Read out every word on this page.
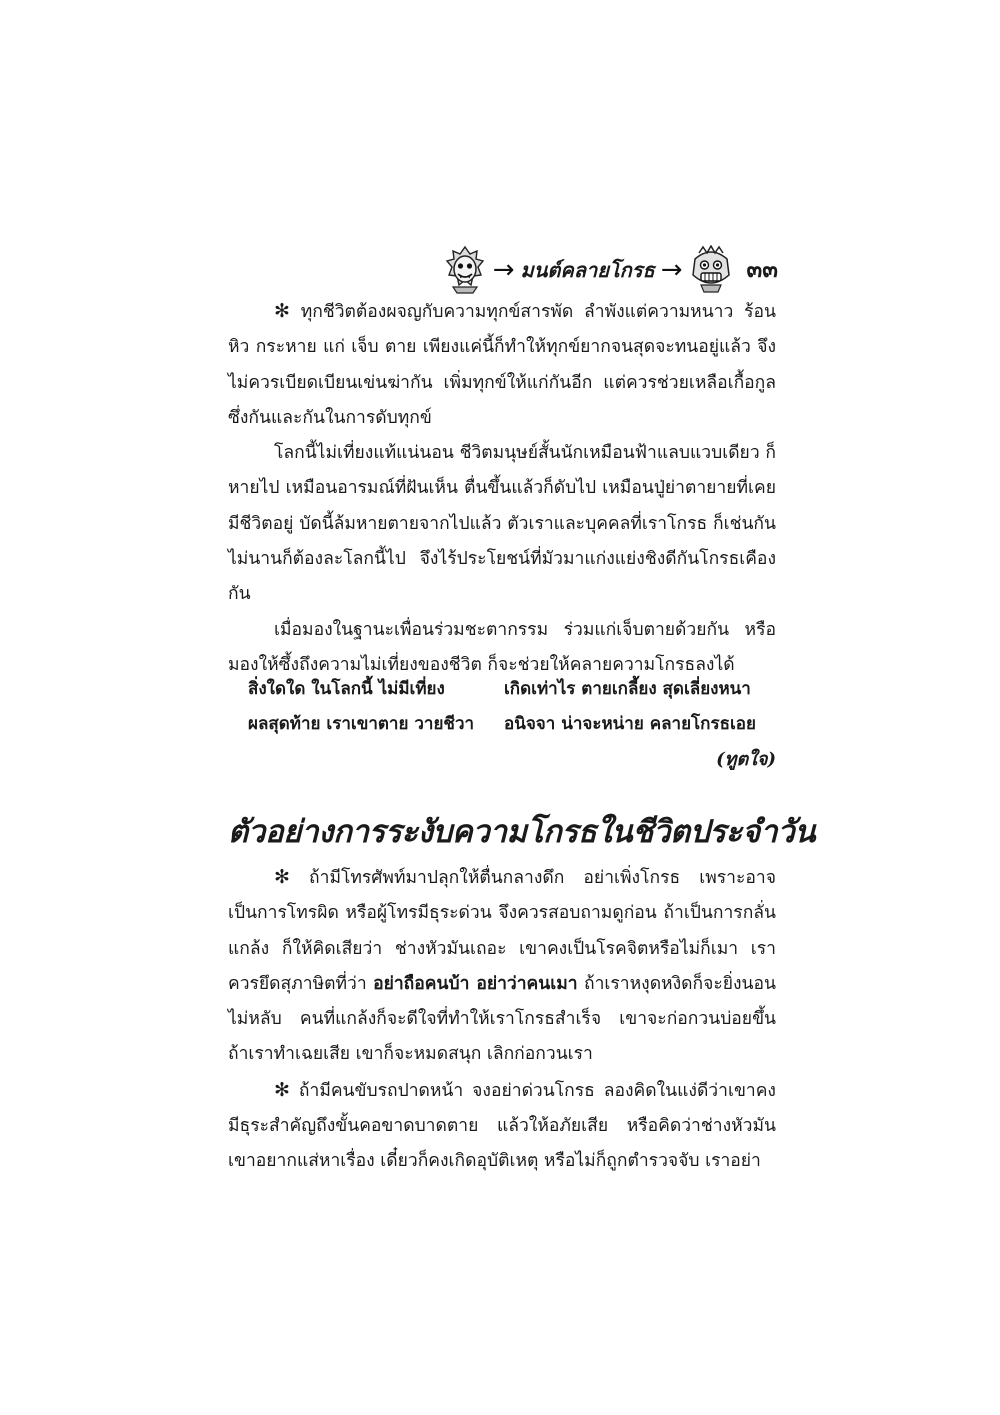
→ มนต์คลายโกรธ →	๓๓

✻ ทุกชีวิตต้องผจญกับความทุกข์สารพัด ลำพังแต่ความหนาว ร้อน หิว กระหาย แก่ เจ็บ ตาย เพียงแค่นี้ก็ทำให้ทุกข์ยากจนสุดจะทนอยู่แล้ว จึงไม่ควรเบียดเบียนเข่นฆ่ากัน เพิ่มทุกข์ให้แก่กันอีก แต่ควรช่วยเหลือเกื้อกูลซึ่งกันและกันในการดับทุกข์

โลกนี้ไม่เที่ยงแท้แน่นอน ชีวิตมนุษย์สั้นนักเหมือนฟ้าแลบแวบเดียว ก็หายไป เหมือนอารมณ์ที่ฝันเห็น ตื่นขึ้นแล้วก็ดับไป เหมือนปู่ย่าตายายที่เคยมีชีวิตอยู่ บัดนี้ล้มหายตายจากไปแล้ว ตัวเราและบุคคลที่เราโกรธ ก็เช่นกัน ไม่นานก็ต้องละโลกนี้ไป จึงไร้ประโยชน์ที่มัวมาแก่งแย่งชิงดีกันโกรธเคืองกัน

เมื่อมองในฐานะเพื่อนร่วมชะตากรรม ร่วมแก่เจ็บตายด้วยกัน หรือมองให้ซึ้งถึงความไม่เที่ยงของชีวิต ก็จะช่วยให้คลายความโกรธลงได้

สิ่งใดใด ในโลกนี้ ไม่มีเที่ยง	เกิดเท่าไร ตายเกลี้ยง สุดเลี่ยงหนา
ผลสุดท้าย เราเขาตาย วายชีวา	อนิจจา น่าจะหน่าย คลายโกรธเอย
(ทูตใจ)
ตัวอย่างการระงับความโกรธในชีวิตประจำวัน

✻ ถ้ามีโทรศัพท์มาปลุกให้ตื่นกลางดึก อย่าเพิ่งโกรธ เพราะอาจเป็นการโทรผิด หรือผู้โทรมีธุระด่วน จึงควรสอบถามดูก่อน ถ้าเป็นการกลั่นแกล้ง ก็ให้คิดเสียว่า ช่างหัวมันเถอะ เขาคงเป็นโรคจิตหรือไม่ก็เมา เราควรยึดสุภาษิตที่ว่า อย่าถือคนบ้า อย่าว่าคนเมา ถ้าเราหงุดหงิดก็จะยิ่งนอนไม่หลับ คนที่แกล้งก็จะดีใจที่ทำให้เราโกรธสำเร็จ เขาจะก่อกวนบ่อยขึ้น ถ้าเราทำเฉยเสีย เขาก็จะหมดสนุก เลิกก่อกวนเรา

✻ ถ้ามีคนขับรถปาดหน้า จงอย่าด่วนโกรธ ลองคิดในแง่ดีว่าเขาคงมีธุระสำคัญถึงขั้นคอขาดบาดตาย แล้วให้อภัยเสีย หรือคิดว่าช่างหัวมัน เขาอยากแส่หาเรื่อง เดี๋ยวก็คงเกิดอุบัติเหตุ หรือไม่ก็ถูกตำรวจจับ เราอย่า
